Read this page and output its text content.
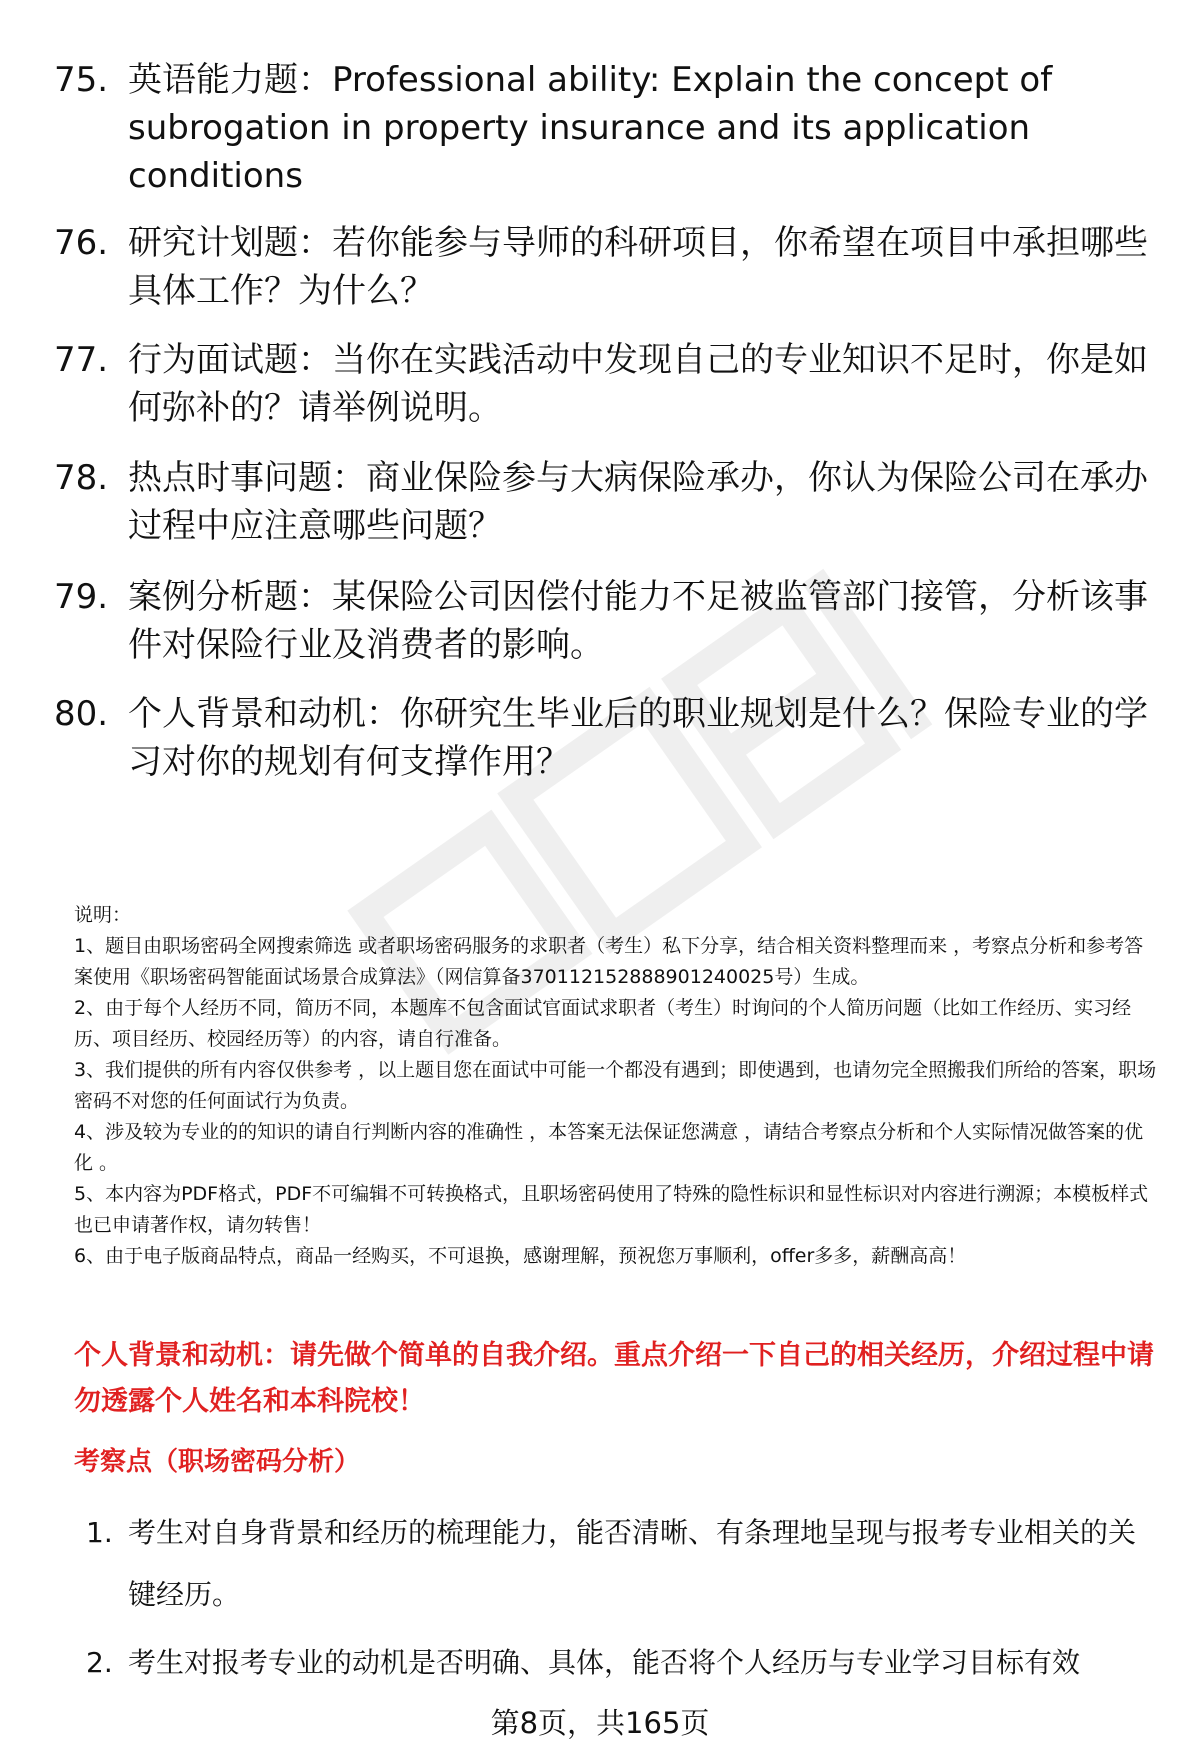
75. 英语能力题：Professional ability: Explain the concept of subrogation in property insurance and its application conditions
76. 研究计划题：若你能参与导师的科研项目，你希望在项目中承担哪些具体工作？为什么？
77. 行为面试题：当你在实践活动中发现自己的专业知识不足时，你是如何弥补的？请举例说明。
78. 热点时事问题：商业保险参与大病保险承办，你认为保险公司在承办过程中应注意哪些问题？
79. 案例分析题：某保险公司因偿付能力不足被监管部门接管，分析该事件对保险行业及消费者的影响。
80. 个人背景和动机：你研究生毕业后的职业规划是什么？保险专业的学习对你的规划有何支撑作用？

说明：

1、题目由职场密码全网搜索筛选 或者职场密码服务的求职者（考生）私下分享，结合相关资料整理而来 ，考察点分析和参考答案使用《职场密码智能面试场景合成算法》（网信算备370112152888901240025号）生成。

2、由于每个人经历不同，简历不同，本题库不包含面试官面试求职者（考生）时询问的个人简历问题（比如工作经历、实习经历、项目经历、校园经历等）的内容，请自行准备。

3、我们提供的所有内容仅供参考 ，以上题目您在面试中可能一个都没有遇到；即使遇到，也请勿完全照搬我们所给的答案，职场密码不对您的任何面试行为负责。

4、涉及较为专业的的知识的请自行判断内容的准确性 ，本答案无法保证您满意 ，请结合考察点分析和个人实际情况做答案的优化 。

5、本内容为PDF格式，PDF不可编辑不可转换格式，且职场密码使用了特殊的隐性标识和显性标识对内容进行溯源；本模板样式也已申请著作权，请勿转售！

6、由于电子版商品特点，商品一经购买，不可退换，感谢理解，预祝您万事顺利，offer多多，薪酬高高！

个人背景和动机：请先做个简单的自我介绍。重点介绍一下自己的相关经历，介绍过程中请勿透露个人姓名和本科院校！
考察点（职场密码分析）
1. 考生对自身背景和经历的梳理能力，能否清晰、有条理地呈现与报考专业相关的关键经历。
2. 考生对报考专业的动机是否明确、具体，能否将个人经历与专业学习目标有效
第8页，共165页
